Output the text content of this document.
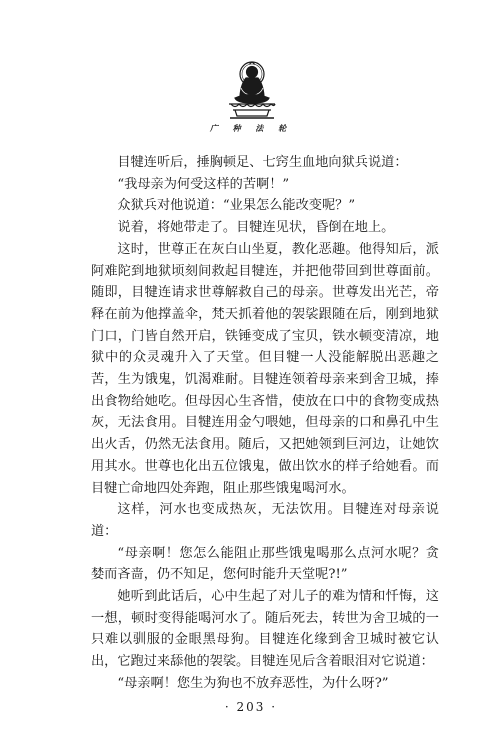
广 种 法 轮

目犍连听后，捶胸顿足、七窍生血地向狱兵说道：

“我母亲为何受这样的苦啊！”

众狱兵对他说道：“业果怎么能改变呢？”

说着，将她带走了。目犍连见状，昏倒在地上。

这时，世尊正在灰白山坐夏，教化恶趣。他得知后，派阿难陀到地狱顷刻间救起目犍连，并把他带回到世尊面前。随即，目犍连请求世尊解救自己的母亲。世尊发出光芒，帝释在前为他撑盖伞，梵天抓着他的袈裟跟随在后，刚到地狱门口，门皆自然开启，铁锤变成了宝贝，铁水顿变清凉，地狱中的众灵魂升入了天堂。但目犍一人没能解脱出恶趣之苦，生为饿鬼，饥渴难耐。目犍连领着母亲来到舍卫城，捧出食物给她吃。但母因心生吝惜，使放在口中的食物变成热灰，无法食用。目犍连用金勺喂她，但母亲的口和鼻孔中生出火舌，仍然无法食用。随后，又把她领到巨河边，让她饮用其水。世尊也化出五位饿鬼，做出饮水的样子给她看。而目犍亡命地四处奔跑，阻止那些饿鬼喝河水。

这样，河水也变成热灰，无法饮用。目犍连对母亲说道：

“母亲啊！您怎么能阻止那些饿鬼喝那么点河水呢？贪婪而吝啬，仍不知足，您何时能升天堂呢?!”

她听到此话后，心中生起了对儿子的难为情和忏悔，这一想，顿时变得能喝河水了。随后死去，转世为舍卫城的一只难以驯服的金眼黑母狗。目犍连化缘到舍卫城时被它认出，它跑过来舔他的袈裟。目犍连见后含着眼泪对它说道：

“母亲啊！您生为狗也不放弃恶性，为什么呀?”

· 203 ·
